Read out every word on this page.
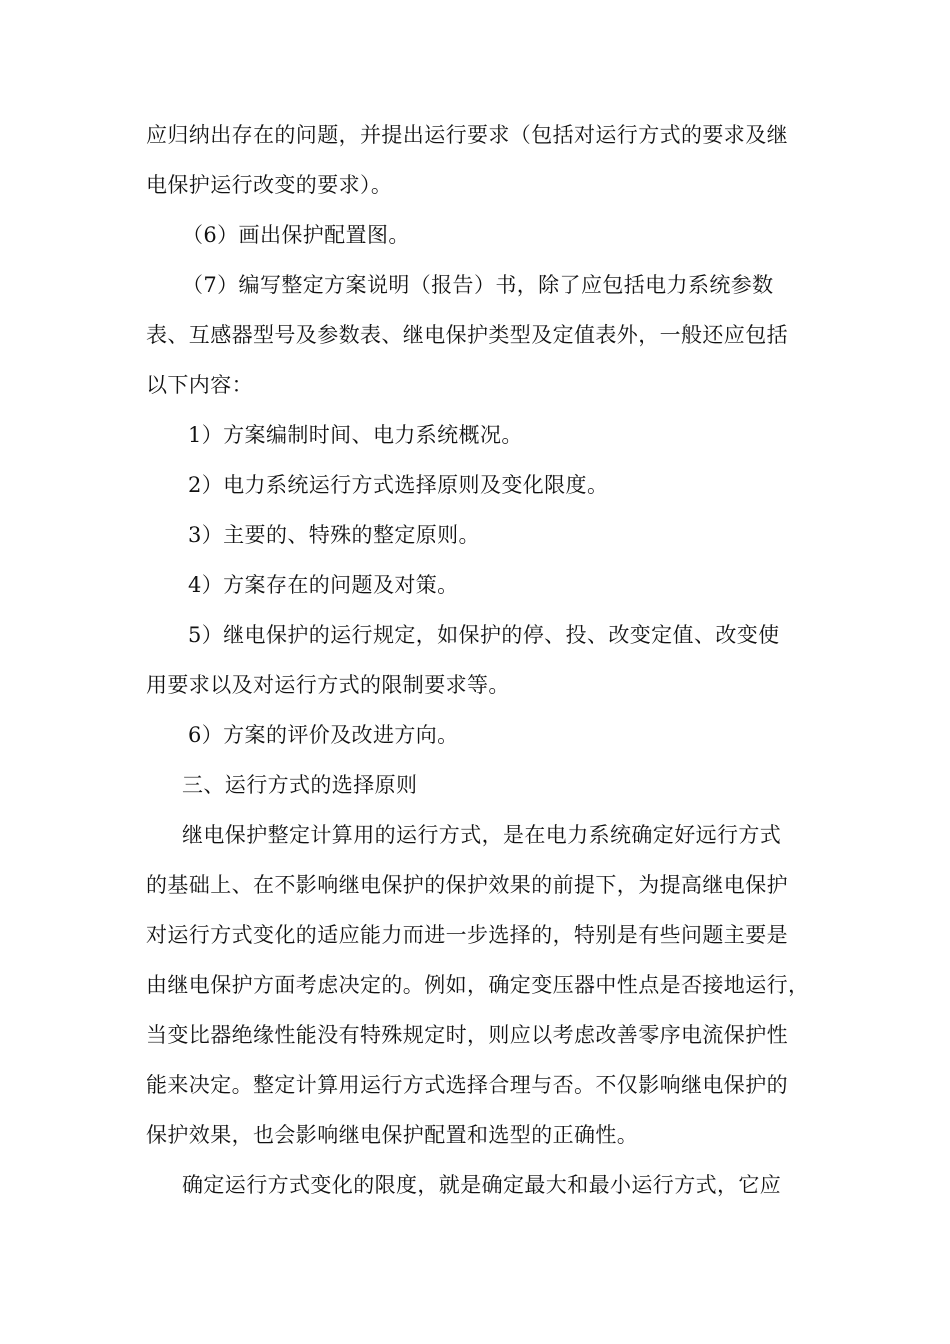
应归纳出存在的问题，并提出运行要求（包括对运行方式的要求及继
电保护运行改变的要求）。
（6）画出保护配置图。
（7）编写整定方案说明（报告）书，除了应包括电力系统参数
表、互感器型号及参数表、继电保护类型及定值表外，一般还应包括
以下内容：
1）方案编制时间、电力系统概况。
2）电力系统运行方式选择原则及变化限度。
3）主要的、特殊的整定原则。
4）方案存在的问题及对策。
5）继电保护的运行规定，如保护的停、投、改变定值、改变使
用要求以及对运行方式的限制要求等。
6）方案的评价及改进方向。
三、运行方式的选择原则
继电保护整定计算用的运行方式，是在电力系统确定好远行方式
的基础上、在不影响继电保护的保护效果的前提下，为提高继电保护
对运行方式变化的适应能力而进一步选择的，特别是有些问题主要是
由继电保护方面考虑决定的。例如，确定变压器中性点是否接地运行，
当变比器绝缘性能没有特殊规定时，则应以考虑改善零序电流保护性
能来决定。整定计算用运行方式选择合理与否。不仅影响继电保护的
保护效果，也会影响继电保护配置和选型的正确性。
确定运行方式变化的限度，就是确定最大和最小运行方式，它应
